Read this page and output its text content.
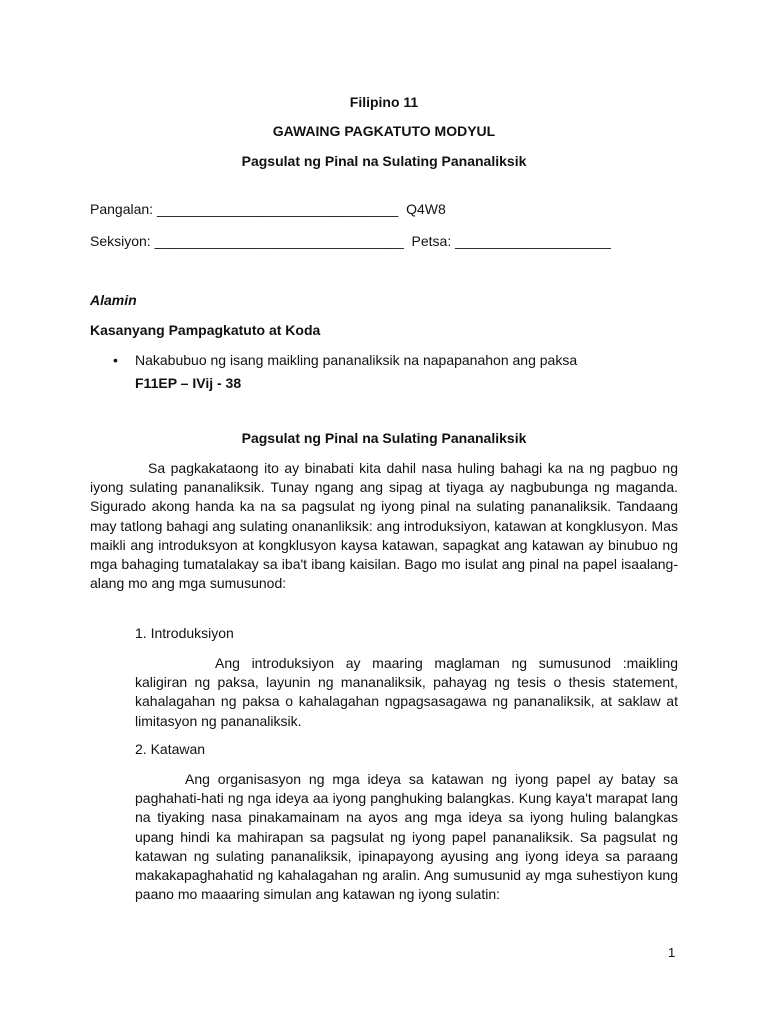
Filipino 11
GAWAING PAGKATUTO MODYUL
Pagsulat ng Pinal na Sulating Pananaliksik
Pangalan: _______________________________  Q4W8
Seksiyon: ________________________________  Petsa: ____________________
Alamin
Kasanyang Pampagkatuto at Koda
• Nakabubuo ng isang maikling pananaliksik na napapanahon ang paksa
F11EP – IVij - 38
Pagsulat ng Pinal na Sulating Pananaliksik

Sa pagkakataong ito ay binabati kita dahil nasa huling bahagi ka na ng pagbuo ng iyong sulating pananaliksik. Tunay ngang ang sipag at tiyaga ay nagbubunga ng maganda. Sigurado akong handa ka na sa pagsulat ng iyong pinal na sulating pananaliksik. Tandaang may tatlong bahagi ang sulating onananliksik: ang introduksiyon, katawan at kongklusyon. Mas maikli ang introduksyon at kongklusyon kaysa katawan, sapagkat ang katawan ay binubuo ng mga bahaging tumatalakay sa iba't ibang kaisilan. Bago mo isulat ang pinal na papel isaalang-alang mo ang mga sumusunod:

1. Introduksiyon

Ang introduksiyon ay maaring maglaman ng sumusunod :maikling kaligiran ng paksa, layunin ng mananaliksik, pahayag ng tesis o thesis statement, kahalagahan ng paksa o kahalagahan ngpagsasagawa ng pananaliksik, at saklaw at limitasyon ng pananaliksik.

2. Katawan

Ang organisasyon ng mga ideya sa katawan ng iyong papel ay batay sa paghahati-hati ng nga ideya aa iyong panghuking balangkas. Kung kaya't marapat lang na tiyaking nasa pinakamainam na ayos ang mga ideya sa iyong huling balangkas upang hindi ka mahirapan sa pagsulat ng iyong papel pananaliksik. Sa pagsulat ng katawan ng sulating pananaliksik, ipinapayong ayusing ang iyong ideya sa paraang makakapaghahatid ng kahalagahan ng aralin. Ang sumusunid ay mga suhestiyon kung paano mo maaaring simulan ang katawan ng iyong sulatin:

1
